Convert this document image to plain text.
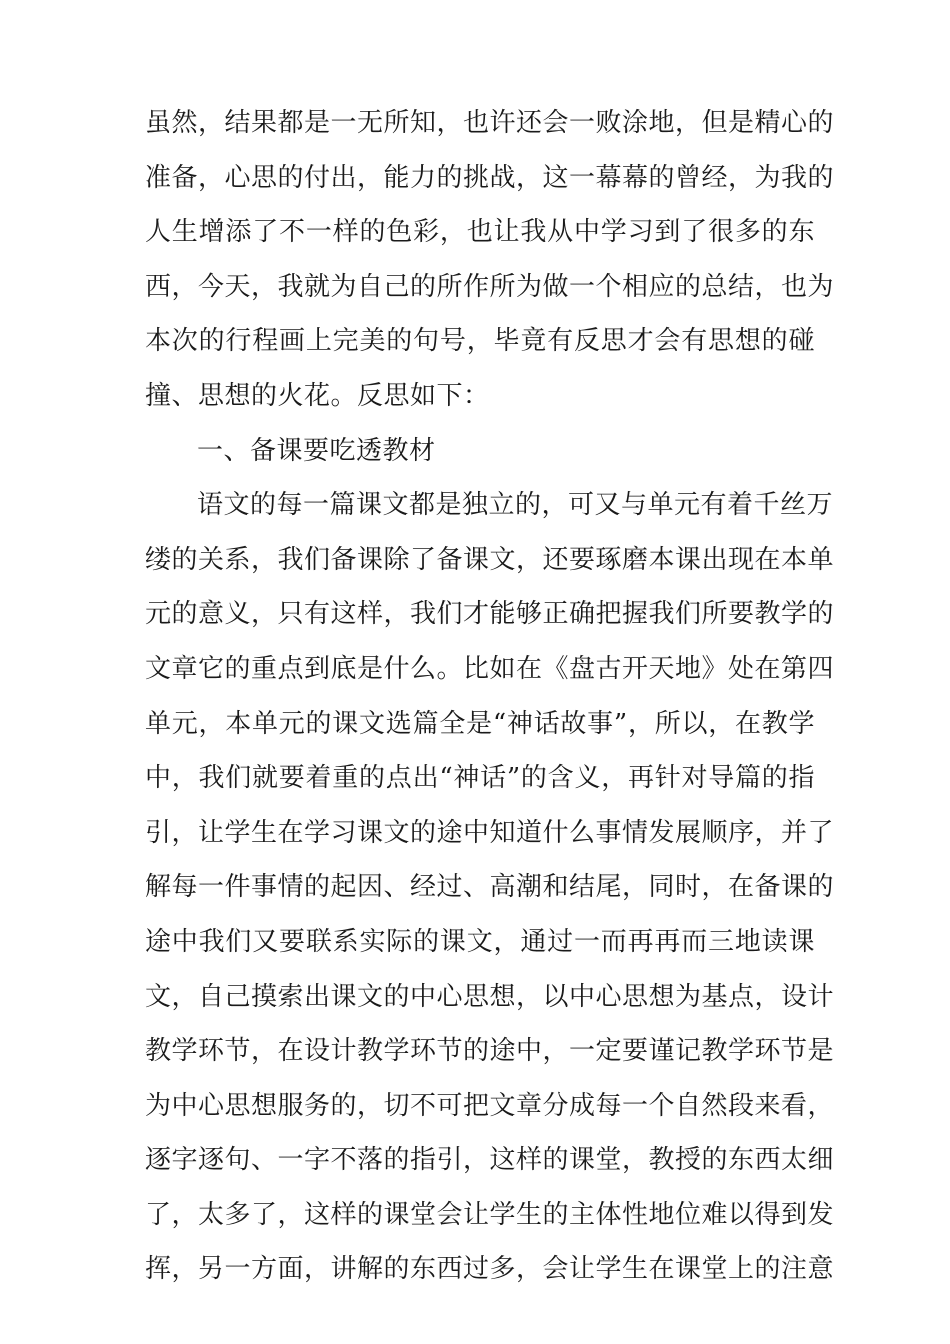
虽然，结果都是一无所知，也许还会一败涂地，但是精心的
准备，心思的付出，能力的挑战，这一幕幕的曾经，为我的
人生增添了不一样的色彩，也让我从中学习到了很多的东
西，今天，我就为自己的所作所为做一个相应的总结，也为
本次的行程画上完美的句号，毕竟有反思才会有思想的碰
撞、思想的火花。反思如下：
一、备课要吃透教材
语文的每一篇课文都是独立的，可又与单元有着千丝万
缕的关系，我们备课除了备课文，还要琢磨本课出现在本单
元的意义，只有这样，我们才能够正确把握我们所要教学的
文章它的重点到底是什么。比如在《盘古开天地》处在第四
单元，本单元的课文选篇全是“神话故事”，所以，在教学
中，我们就要着重的点出“神话”的含义，再针对导篇的指
引，让学生在学习课文的途中知道什么事情发展顺序，并了
解每一件事情的起因、经过、高潮和结尾，同时，在备课的
途中我们又要联系实际的课文，通过一而再再而三地读课
文，自己摸索出课文的中心思想，以中心思想为基点，设计
教学环节，在设计教学环节的途中，一定要谨记教学环节是
为中心思想服务的，切不可把文章分成每一个自然段来看，
逐字逐句、一字不落的指引，这样的课堂，教授的东西太细
了，太多了，这样的课堂会让学生的主体性地位难以得到发
挥，另一方面，讲解的东西过多，会让学生在课堂上的注意
